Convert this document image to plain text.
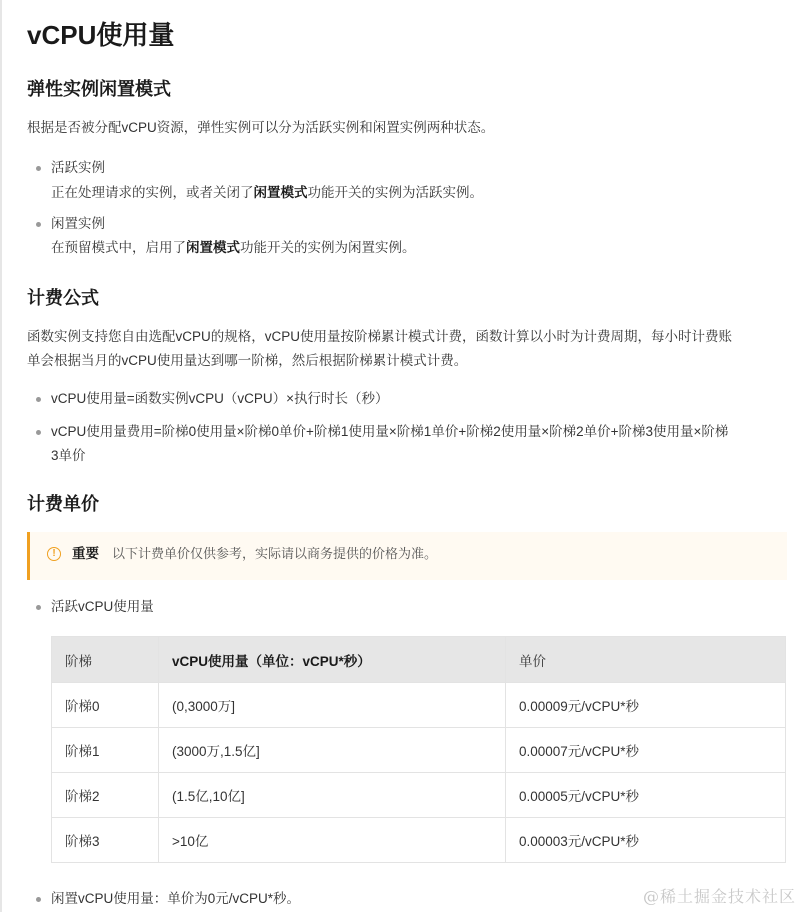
vCPU使用量
弹性实例闲置模式

根据是否被分配vCPU资源，弹性实例可以分为活跃实例和闲置实例两种状态。

活跃实例
正在处理请求的实例，或者关闭了闲置模式功能开关的实例为活跃实例。
闲置实例
在预留模式中，启用了闲置模式功能开关的实例为闲置实例。
计费公式

函数实例支持您自由选配vCPU的规格，vCPU使用量按阶梯累计模式计费，函数计算以小时为计费周期，每小时计费账

单会根据当月的vCPU使用量达到哪一阶梯，然后根据阶梯累计模式计费。

vCPU使用量=函数实例vCPU（vCPU）×执行时长（秒）
vCPU使用量费用=阶梯0使用量×阶梯0单价+阶梯1使用量×阶梯1单价+阶梯2使用量×阶梯2单价+阶梯3使用量×阶梯
3单价
计费单价
!	重要 以下计费单价仅供参考，实际请以商务提供的价格为准。
活跃vCPU使用量
阶梯	vCPU使用量（单位：vCPU*秒）	单价
阶梯0	(0,3000万]	0.00009元/vCPU*秒
阶梯1	(3000万,1.5亿]	0.00007元/vCPU*秒
阶梯2	(1.5亿,10亿]	0.00005元/vCPU*秒
阶梯3	>10亿	0.00003元/vCPU*秒
闲置vCPU使用量：单价为0元/vCPU*秒。	@稀土掘金技术社区
